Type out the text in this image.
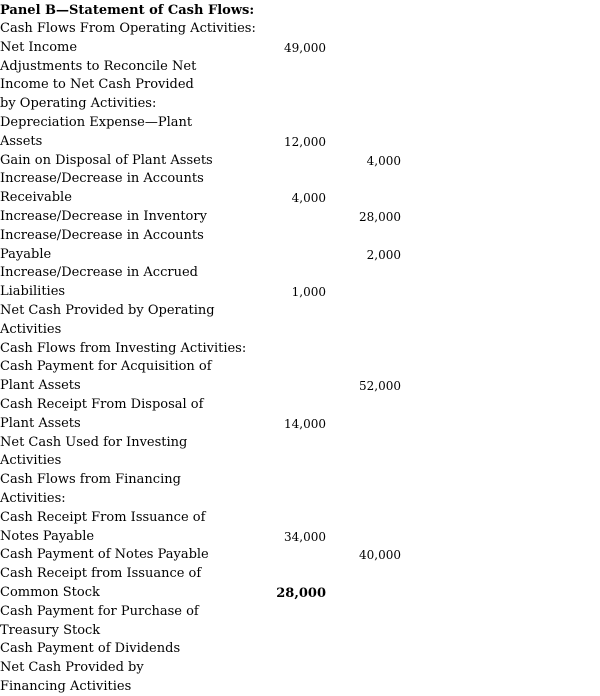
Panel B—Statement of Cash Flows:
Cash Flows From Operating Activities:
Net Income	49,000
Adjustments to Reconcile Net
Income to Net Cash Provided
by Operating Activities:
Depreciation Expense—Plant
Assets	12,000
Gain on Disposal of Plant Assets	4,000
Increase/Decrease in Accounts
Receivable	4,000
Increase/Decrease in Inventory	28,000
Increase/Decrease in Accounts
Payable	2,000
Increase/Decrease in Accrued
Liabilities	1,000
Net Cash Provided by Operating
Activities
Cash Flows from Investing Activities:
Cash Payment for Acquisition of
Plant Assets	52,000
Cash Receipt From Disposal of
Plant Assets	14,000
Net Cash Used for Investing
Activities
Cash Flows from Financing
Activities:
Cash Receipt From Issuance of
Notes Payable	34,000
Cash Payment of Notes Payable	40,000
Cash Receipt from Issuance of
Common Stock	28,000
Cash Payment for Purchase of
Treasury Stock
Cash Payment of Dividends
Net Cash Provided by
Financing Activities
